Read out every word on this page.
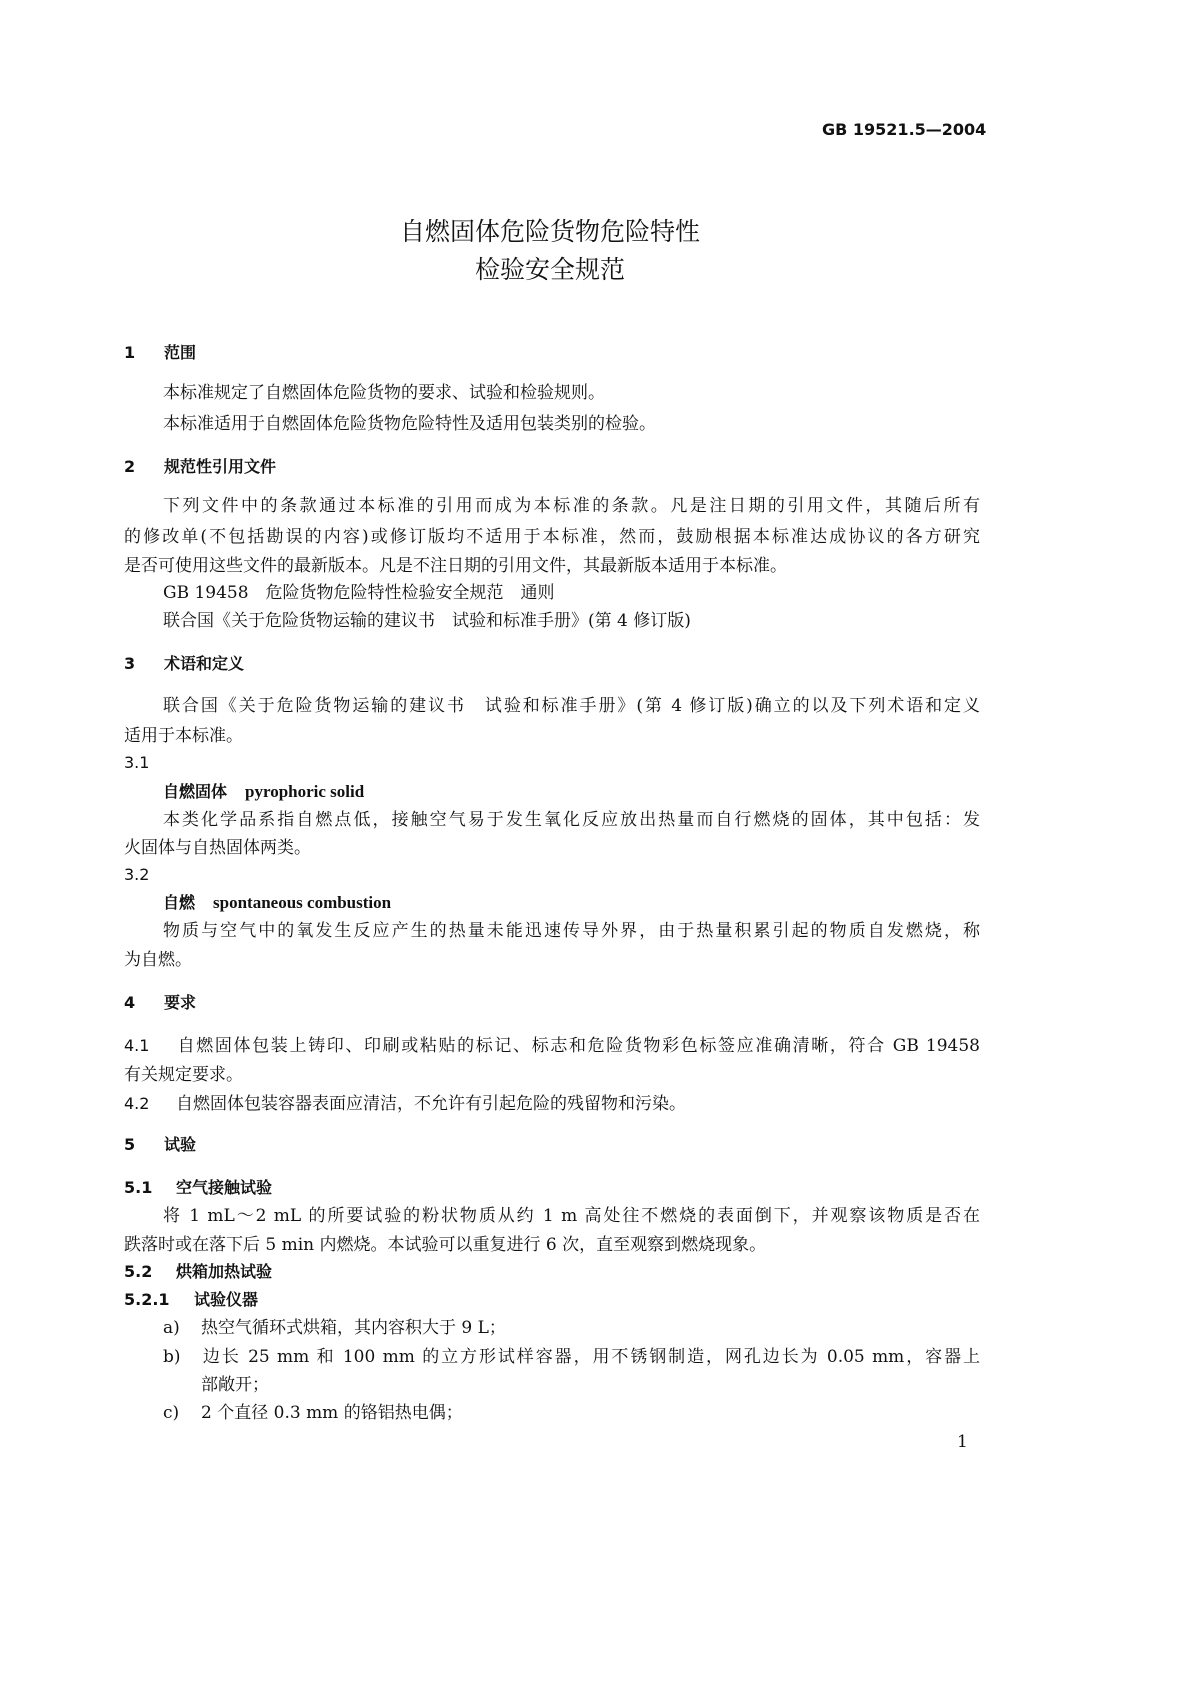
GB 19521.5—2004
自燃固体危险货物危险特性
检验安全规范
1 范围
本标准规定了自燃固体危险货物的要求、试验和检验规则。
本标准适用于自燃固体危险货物危险特性及适用包装类别的检验。
2 规范性引用文件
下列文件中的条款通过本标准的引用而成为本标准的条款。凡是注日期的引用文件，其随后所有
的修改单(不包括勘误的内容)或修订版均不适用于本标准，然而，鼓励根据本标准达成协议的各方研究
是否可使用这些文件的最新版本。凡是不注日期的引用文件，其最新版本适用于本标准。
GB 19458　危险货物危险特性检验安全规范　通则
联合国《关于危险货物运输的建议书　试验和标准手册》(第 4 修订版)
3 术语和定义
联合国《关于危险货物运输的建议书　试验和标准手册》(第 4 修订版)确立的以及下列术语和定义
适用于本标准。
3.1
自燃固体 pyrophoric solid
本类化学品系指自燃点低，接触空气易于发生氧化反应放出热量而自行燃烧的固体，其中包括：发
火固体与自热固体两类。
3.2
自燃 spontaneous combustion
物质与空气中的氧发生反应产生的热量未能迅速传导外界，由于热量积累引起的物质自发燃烧，称
为自燃。
4 要求
4.1 自燃固体包装上铸印、印刷或粘贴的标记、标志和危险货物彩色标签应准确清晰，符合 GB 19458
有关规定要求。
4.2 自燃固体包装容器表面应清洁，不允许有引起危险的残留物和污染。
5 试验
5.1 空气接触试验
将 1 mL～2 mL 的所要试验的粉状物质从约 1 m 高处往不燃烧的表面倒下，并观察该物质是否在
跌落时或在落下后 5 min 内燃烧。本试验可以重复进行 6 次，直至观察到燃烧现象。
5.2 烘箱加热试验
5.2.1 试验仪器
a) 热空气循环式烘箱，其内容积大于 9 L；
b) 边长 25 mm 和 100 mm 的立方形试样容器，用不锈钢制造，网孔边长为 0.05 mm，容器上
部敞开；
c) 2 个直径 0.3 mm 的铬铝热电偶；
1
